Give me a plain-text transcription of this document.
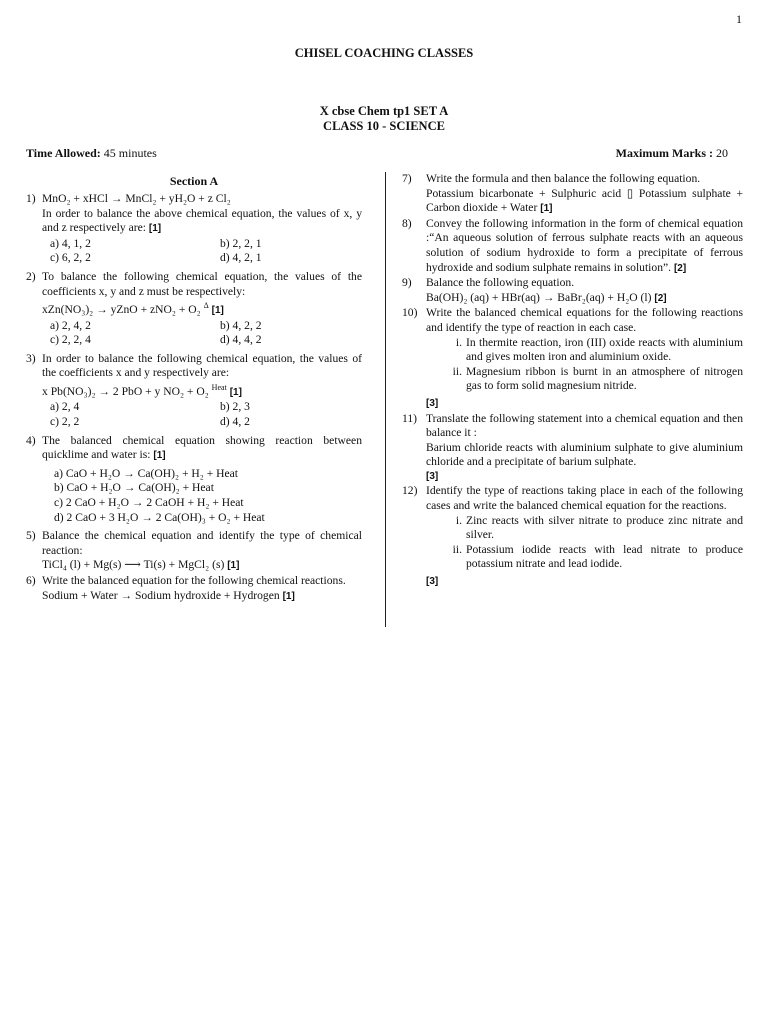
1
CHISEL COACHING CLASSES
X cbse Chem tp1 SET A
CLASS 10 - SCIENCE
Time Allowed: 45 minutes	Maximum Marks : 20
Section A
1) MnO₂ + xHCl → MnCl₂ + yH₂O + z Cl₂
In order to balance the above chemical equation, the values of x, y and z respectively are: [1]
a) 4, 1, 2	b) 2, 2, 1
c) 6, 2, 2	d) 4, 2, 1
2) To balance the following chemical equation, the values of the coefficients x, y and z must be respectively:
xZn(NO₃)₂ → yZnO + zNO₂ + O₂ $^\Delta$ [1]
a) 2, 4, 2	b) 4, 2, 2
c) 2, 2, 4	d) 4, 4, 2
3) In order to balance the following chemical equation, the values of the coefficients x and y respectively are:
x Pb(NO₃)₂ → 2 PbO + y NO₂ + O₂ $^{Heat}$ [1]
a) 2, 4	b) 2, 3
c) 2, 2	d) 4, 2
4) The balanced chemical equation showing reaction between quicklime and water is: [1]
a) CaO + H₂O → Ca(OH)₂ + H₂ + Heat
b) CaO + H₂O → Ca(OH)₂ + Heat
c) 2 CaO + H₂O → 2 CaOH + H₂ + Heat
d) 2 CaO + 3 H₂O → 2 Ca(OH)₃ + O₂ + Heat
5) Balance the chemical equation and identify the type of chemical reaction:
TiCl₄ (l) + Mg(s) ⟶ Ti(s) + MgCl₂ (s) [1]
6) Write the balanced equation for the following chemical reactions.
Sodium + Water → Sodium hydroxide + Hydrogen [1]
7) Write the formula and then balance the following equation.
Potassium bicarbonate + Sulphuric acid ▯ Potassium sulphate + Carbon dioxide + Water [1]
8) Convey the following information in the form of chemical equation :“An aqueous solution of ferrous sulphate reacts with an aqueous solution of sodium hydroxide to form a precipitate of ferrous hydroxide and sodium sulphate remains in solution”. [2]
9) Balance the following equation.
Ba(OH)₂ (aq) + HBr(aq) → BaBr₂(aq) + H₂O (l) [2]
10) Write the balanced chemical equations for the following reactions and identify the type of reaction in each case.
i. In thermite reaction, iron (III) oxide reacts with aluminium and gives molten iron and aluminium oxide.
ii. Magnesium ribbon is burnt in an atmosphere of nitrogen gas to form solid magnesium nitride.
[3]
11) Translate the following statement into a chemical equation and then balance it :
Barium chloride reacts with aluminium sulphate to give aluminium chloride and a precipitate of barium sulphate.
[3]
12) Identify the type of reactions taking place in each of the following cases and write the balanced chemical equation for the reactions.
i. Zinc reacts with silver nitrate to produce zinc nitrate and silver.
ii. Potassium iodide reacts with lead nitrate to produce potassium nitrate and lead iodide.
[3]
